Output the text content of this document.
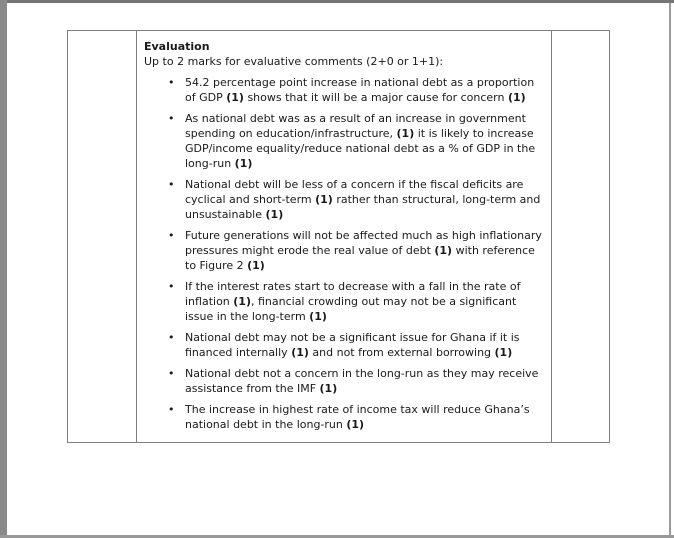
Evaluation
Up to 2 marks for evaluative comments (2+0 or 1+1):
• 54.2 percentage point increase in national debt as a proportion of GDP (1) shows that it will be a major cause for concern (1)
• As national debt was as a result of an increase in government spending on education/infrastructure, (1) it is likely to increase GDP/income equality/reduce national debt as a % of GDP in the long-run (1)
• National debt will be less of a concern if the fiscal deficits are cyclical and short-term (1) rather than structural, long-term and unsustainable (1)
• Future generations will not be affected much as high inflationary pressures might erode the real value of debt (1) with reference to Figure 2 (1)
• If the interest rates start to decrease with a fall in the rate of inflation (1), financial crowding out may not be a significant issue in the long-term (1)
• National debt may not be a significant issue for Ghana if it is financed internally (1) and not from external borrowing (1)
• National debt not a concern in the long-run as they may receive assistance from the IMF (1)
• The increase in highest rate of income tax will reduce Ghana’s national debt in the long-run (1)
